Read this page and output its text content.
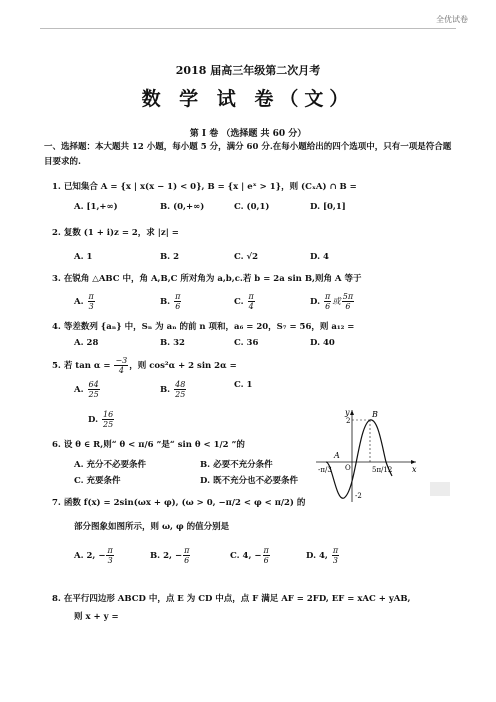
全优试卷
2018 届高三年级第二次月考
数 学 试 卷（文）
第 I 卷 （选择题 共 60 分）
一、选择题：本大题共 12 小题，每小题 5 分，满分 60 分.在每小题给出的四个选项中，只有一项是符合题目要求的.
1. 已知集合 A = {x | x(x − 1) < 0}, B = {x | eˣ > 1}，则 (CₓA) ∩ B =
A. [1,+∞)	B. (0,+∞)	C. (0,1)	D. [0,1]
2. 复数 (1 + i)z = 2，求 |z| =
A. 1	B. 2	C. √2	D. 4
3. 在锐角 △ABC 中，角 A,B,C 所对角为 a,b,c.若 b = 2a sin B,则角 A 等于
A. $\frac{\pi}{3}$	B. $\frac{\pi}{6}$	C. $\frac{\pi}{4}$	D. $\frac{\pi}{6}$ 或 $\frac{5\pi}{6}$
4. 等差数列 {aₙ} 中，Sₙ 为 aₙ 的前 n 项和，a₆ = 20，S₇ = 56，则 a₁₂ =
A. 28	B. 32	C. 36	D. 40
5. 若 $\tan \alpha = \frac{-3}{4}$ ，则 cos²α + 2 sin 2α =
A. $\frac{64}{25}$	B. $\frac{48}{25}$	C. 1
D. $\frac{16}{25}$
6. 设 θ ∈ R,则“ θ < π/6 ”是“ sin θ < 1/2 ”的
A. 充分不必要条件	B. 必要不充分条件
C. 充要条件	D. 既不充分也不必要条件
7. 函数 f(x) = 2sin(ωx + φ), (ω > 0, −π/2 < φ < π/2) 的
部分图象如图所示，则 ω, φ 的值分别是
A. 2, − $\frac{\pi}{3}$	B. 2, − $\frac{\pi}{6}$	C. 4, − $\frac{\pi}{6}$	D. 4, $\frac{\pi}{3}$
8. 在平行四边形 ABCD 中，点 E 为 CD 中点，点 F 满足 AF = 2FD, EF = xAC + yAB,
则 x + y =
y
x
B
A
O
2
-2
-π/3	5π/12
